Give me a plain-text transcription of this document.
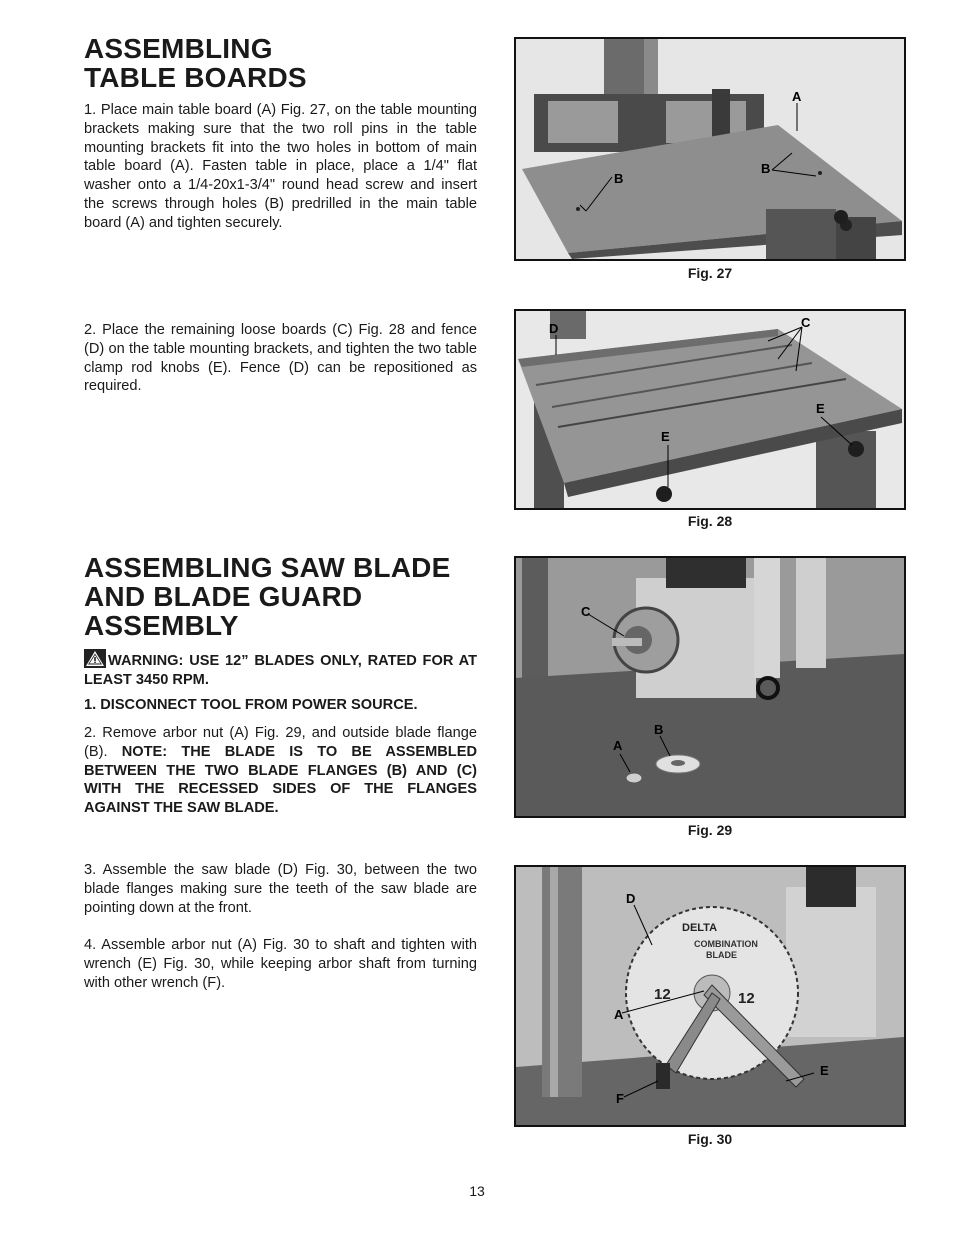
ASSEMBLING
TABLE BOARDS

1. Place main table board (A) Fig. 27, on the table mounting brackets making sure that the two roll pins in the table mounting brackets fit into the two holes in bottom of main table board (A). Fasten table in place, place a 1/4" flat washer onto a 1/4-20x1-3/4" round head screw and insert the screws through holes (B) predrilled in the main table board (A) and tighten securely.

2. Place the remaining loose boards (C) Fig. 28 and fence (D) on the table mounting brackets, and tighten the two table clamp rod knobs (E). Fence (D) can be repositioned as required.

ASSEMBLING SAW BLADE
AND BLADE GUARD
ASSEMBLY

WARNING: USE 12” BLADES ONLY, RATED FOR AT LEAST 3450 RPM.

1. DISCONNECT TOOL FROM POWER SOURCE.

2. Remove arbor nut (A) Fig. 29, and outside blade flange (B). NOTE: THE BLADE IS TO BE ASSEMBLED BETWEEN THE TWO BLADE FLANGES (B) AND (C) WITH THE RECESSED SIDES OF THE FLANGES AGAINST THE SAW BLADE.

3. Assemble the saw blade (D) Fig. 30, between the two blade flanges making sure the teeth of the saw blade are pointing down at the front.

4. Assemble arbor nut (A) Fig. 30 to shaft and tighten with wrench (E) Fig. 30, while keeping arbor shaft from turning with other wrench (F).

A
B
B
Fig. 27
D	C
E
E
Fig. 28
C
B
A
Fig. 29
DELTA
COMBINATION
BLADE
12	12
D
A
E
F
Fig. 30
13
